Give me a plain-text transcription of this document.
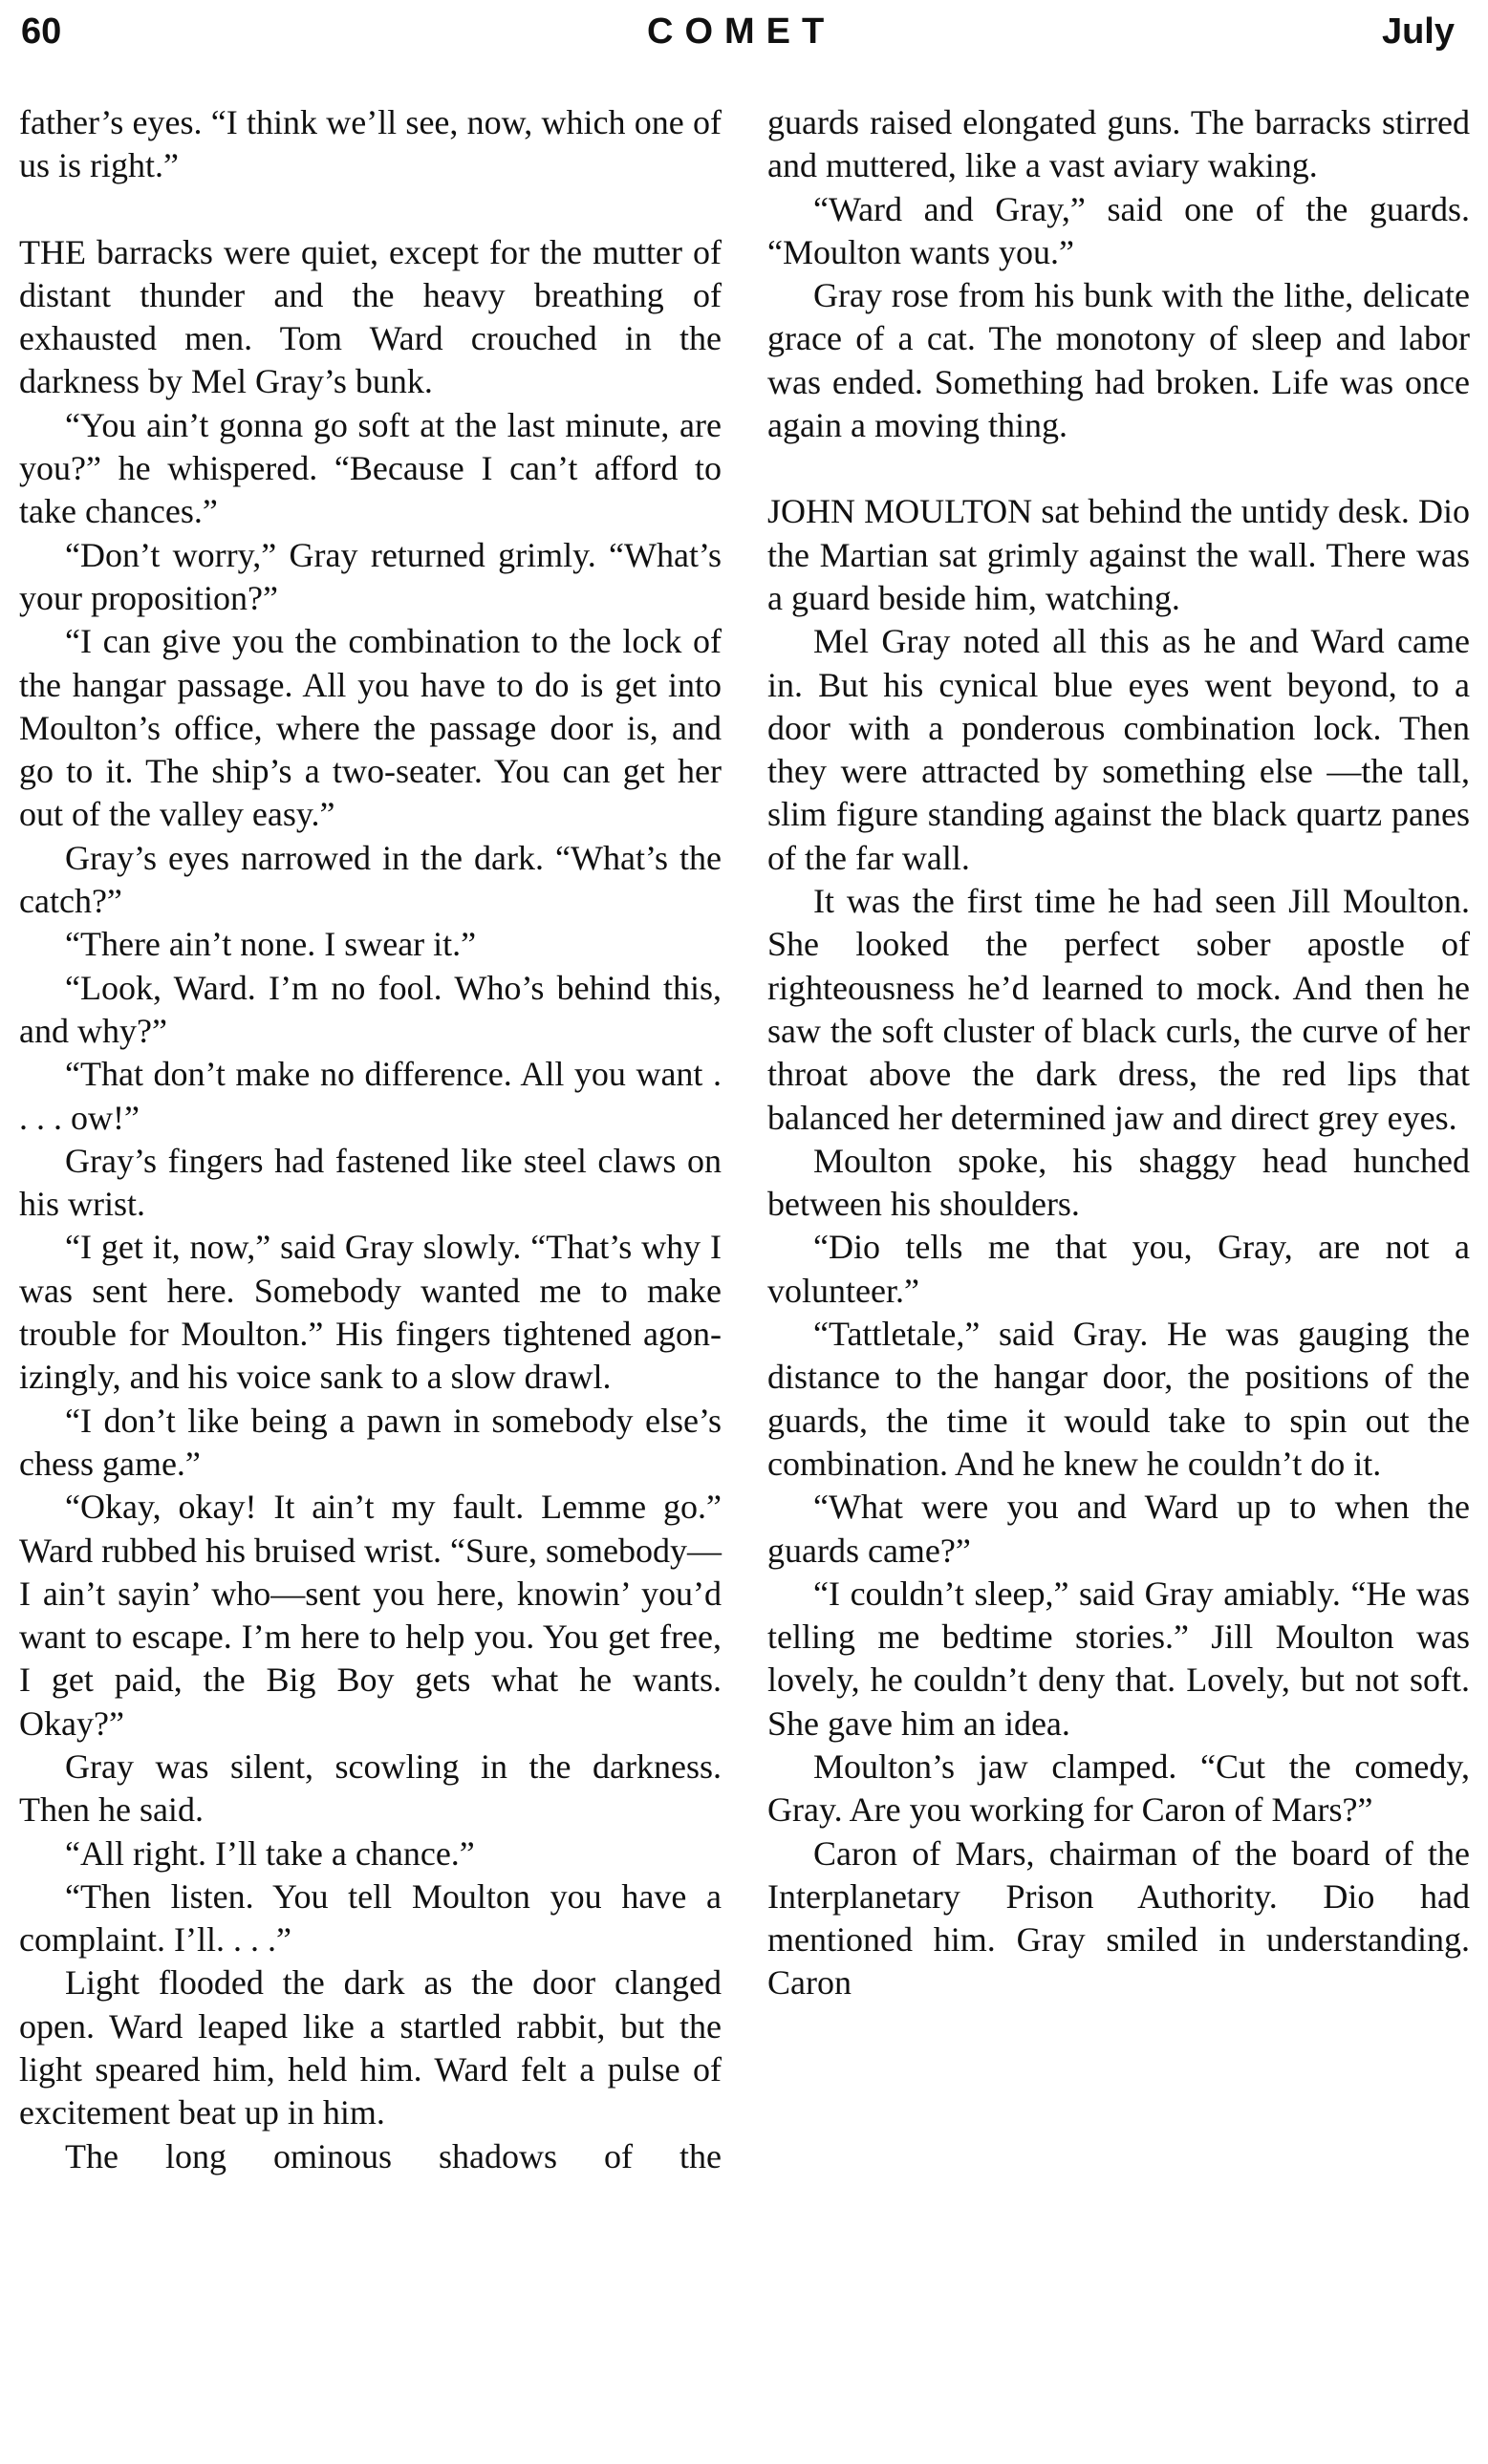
60	COMET	July

father’s eyes. “I think we’ll see, now, which one of us is right.”

THE barracks were quiet, except for the mutter of distant thunder and the heavy breathing of exhausted men. Tom Ward crouched in the darkness by Mel Gray’s bunk.

“You ain’t gonna go soft at the last minute, are you?” he whispered. “Because I can’t afford to take chances.”

“Don’t worry,” Gray returned grimly. “What’s your proposition?”

“I can give you the combination to the lock of the hangar passage. All you have to do is get into Moulton’s office, where the passage door is, and go to it. The ship’s a two-seater. You can get her out of the valley easy.”

Gray’s eyes narrowed in the dark. “What’s the catch?”

“There ain’t none. I swear it.”

“Look, Ward. I’m no fool. Who’s behind this, and why?”

“That don’t make no difference. All you want . . . . ow!”

Gray’s fingers had fastened like steel claws on his wrist.

“I get it, now,” said Gray slowly. “That’s why I was sent here. Somebody wanted me to make trouble for Moulton.” His fingers tightened agonizingly, and his voice sank to a slow drawl.

“I don’t like being a pawn in somebody else’s chess game.”

“Okay, okay! It ain’t my fault. Lemme go.” Ward rubbed his bruised wrist. “Sure, somebody—I ain’t sayin’ who—sent you here, knowin’ you’d want to escape. I’m here to help you. You get free, I get paid, the Big Boy gets what he wants. Okay?”

Gray was silent, scowling in the darkness. Then he said.

“All right. I’ll take a chance.”

“Then listen. You tell Moulton you have a complaint. I’ll. . . .”

Light flooded the dark as the door clanged open. Ward leaped like a startled rabbit, but the light speared him, held him. Ward felt a pulse of excitement beat up in him.

The long ominous shadows of the

guards raised elongated guns. The barracks stirred and muttered, like a vast aviary waking.

“Ward and Gray,” said one of the guards. “Moulton wants you.”

Gray rose from his bunk with the lithe, delicate grace of a cat. The monotony of sleep and labor was ended. Something had broken. Life was once again a moving thing.

JOHN MOULTON sat behind the untidy desk. Dio the Martian sat grimly against the wall. There was a guard beside him, watching.

Mel Gray noted all this as he and Ward came in. But his cynical blue eyes went beyond, to a door with a ponderous combination lock. Then they were attracted by something else —the tall, slim figure standing against the black quartz panes of the far wall.

It was the first time he had seen Jill Moulton. She looked the perfect sober apostle of righteousness he’d learned to mock. And then he saw the soft cluster of black curls, the curve of her throat above the dark dress, the red lips that balanced her determined jaw and direct grey eyes.

Moulton spoke, his shaggy head hunched between his shoulders.

“Dio tells me that you, Gray, are not a volunteer.”

“Tattletale,” said Gray. He was gauging the distance to the hangar door, the positions of the guards, the time it would take to spin out the combination. And he knew he couldn’t do it.

“What were you and Ward up to when the guards came?”

“I couldn’t sleep,” said Gray amiably. “He was telling me bedtime stories.” Jill Moulton was lovely, he couldn’t deny that. Lovely, but not soft. She gave him an idea.

Moulton’s jaw clamped. “Cut the comedy, Gray. Are you working for Caron of Mars?”

Caron of Mars, chairman of the board of the Interplanetary Prison Authority. Dio had mentioned him. Gray smiled in understanding. Caron
